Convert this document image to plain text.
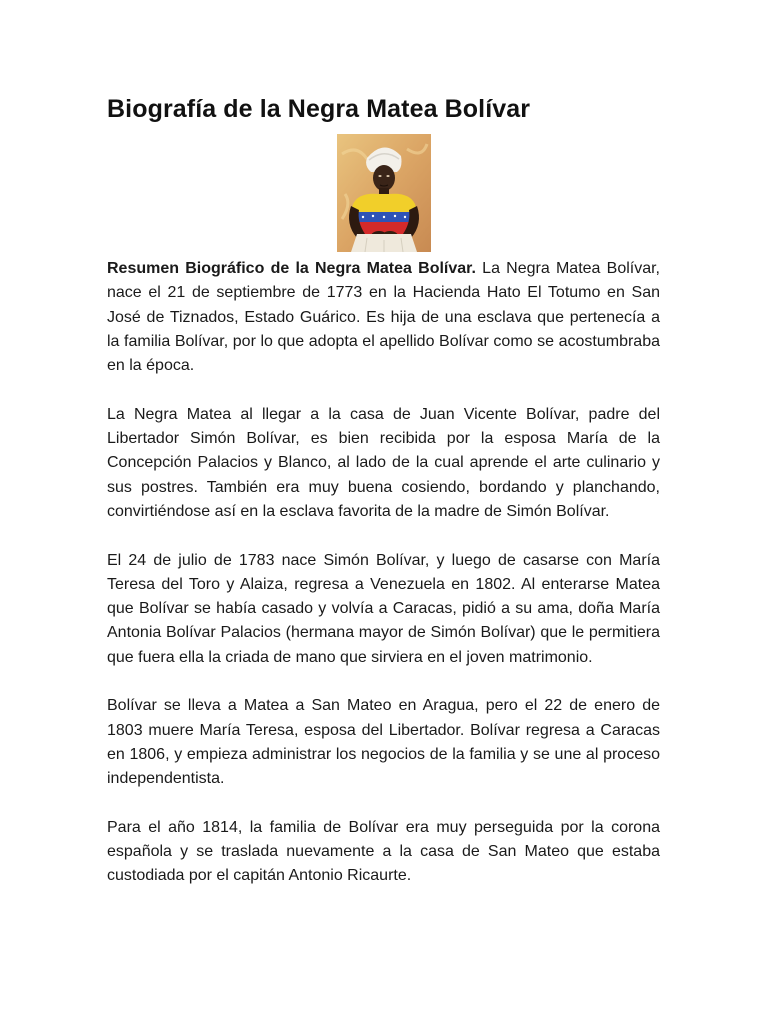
Biografía de la Negra Matea Bolívar

Resumen Biográfico de la Negra Matea Bolívar. La Negra Matea Bolívar, nace el 21 de septiembre de 1773 en la Hacienda Hato El Totumo en San José de Tiznados, Estado Guárico. Es hija de una esclava que pertenecía a la familia Bolívar, por lo que adopta el apellido Bolívar como se acostumbraba en la época.

La Negra Matea al llegar a la casa de Juan Vicente Bolívar, padre del Libertador Simón Bolívar, es bien recibida por la esposa María de la Concepción Palacios y Blanco, al lado de la cual aprende el arte culinario y sus postres. También era muy buena cosiendo, bordando y planchando, convirtiéndose así en la esclava favorita de la madre de Simón Bolívar.

El 24 de julio de 1783 nace Simón Bolívar, y luego de casarse con María Teresa del Toro y Alaiza, regresa a Venezuela en 1802. Al enterarse Matea que Bolívar se había casado y volvía a Caracas, pidió a su ama, doña María Antonia Bolívar Palacios (hermana mayor de Simón Bolívar) que le permitiera que fuera ella la criada de mano que sirviera en el joven matrimonio.

Bolívar se lleva a Matea a San Mateo en Aragua, pero el 22 de enero de 1803 muere María Teresa, esposa del Libertador. Bolívar regresa a Caracas en 1806, y empieza administrar los negocios de la familia y se une al proceso independentista.

Para el año 1814, la familia de Bolívar era muy perseguida por la corona española y se traslada nuevamente a la casa de San Mateo que estaba custodiada por el capitán Antonio Ricaurte.
